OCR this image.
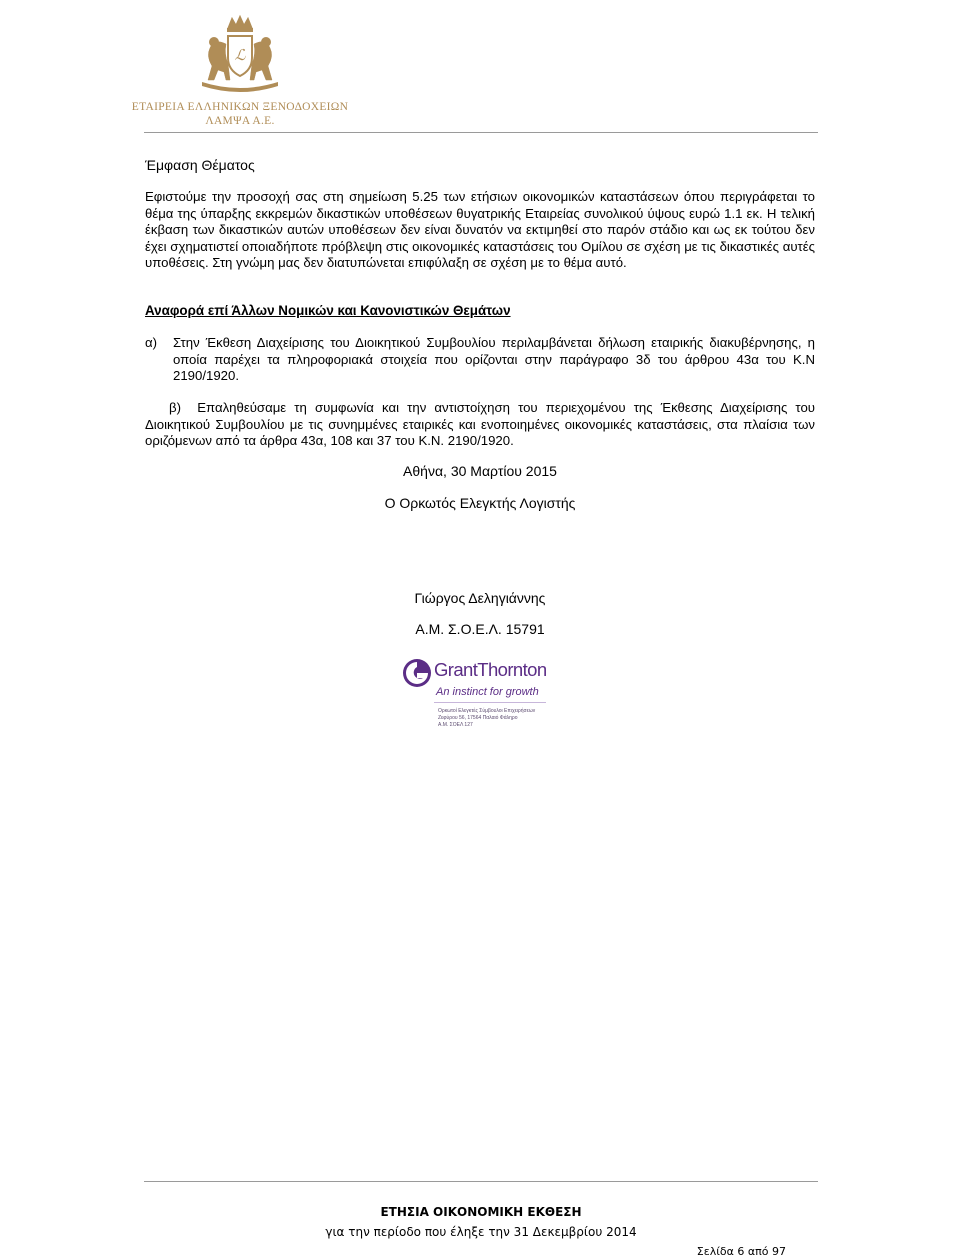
ℒ
ΕΤΑΙΡΕΙΑ ΕΛΛΗΝΙΚΩΝ ΞΕΝΟΔΟΧΕΙΩΝ
ΛΑΜΨΑ Α.Ε.
Έμφαση Θέματος
Εφιστούμε την προσοχή σας στη σημείωση 5.25 των ετήσιων οικονομικών καταστάσεων όπου περιγράφεται το θέμα της ύπαρξης εκκρεμών δικαστικών υποθέσεων θυγατρικής Εταιρείας συνολικού ύψους ευρώ 1.1 εκ. Η τελική έκβαση των δικαστικών αυτών υποθέσεων δεν είναι δυνατόν να εκτιμηθεί στο παρόν στάδιο και ως εκ τούτου δεν έχει σχηματιστεί οποιαδήποτε πρόβλεψη στις οικονομικές καταστάσεις του Ομίλου σε σχέση με τις δικαστικές αυτές υποθέσεις. Στη γνώμη μας δεν διατυπώνεται επιφύλαξη σε σχέση με το θέμα αυτό.
Αναφορά επί Άλλων Νομικών και Κανονιστικών Θεμάτων
α) Στην Έκθεση Διαχείρισης του Διοικητικού Συμβουλίου περιλαμβάνεται δήλωση εταιρικής διακυβέρνησης, η οποία παρέχει τα πληροφοριακά στοιχεία που ορίζονται στην παράγραφο 3δ του άρθρου 43α του Κ.Ν 2190/1920.
β) Επαληθεύσαμε τη συμφωνία και την αντιστοίχηση του περιεχομένου της Έκθεσης Διαχείρισης του Διοικητικού Συμβουλίου με τις συνημμένες εταιρικές και ενοποιημένες οικονομικές καταστάσεις, στα πλαίσια των οριζόμενων από τα άρθρα 43α, 108 και 37 του Κ.Ν. 2190/1920.
Αθήνα, 30 Μαρτίου 2015
Ο Ορκωτός Ελεγκτής Λογιστής
Γιώργος Δεληγιάννης
Α.Μ. Σ.Ο.Ε.Λ. 15791
GrantThornton
An instinct for growth
Ορκωτοί Ελεγκτές Σύμβουλοι Επιχειρήσεων
Ζεφύρου 56, 17564 Παλαιό Φάληρο
Α.Μ. ΣΟΕΛ 127
ΕΤΗΣΙΑ ΟΙΚΟΝΟΜΙΚΗ ΕΚΘΕΣΗ
για την περίοδο που έληξε την 31 Δεκεμβρίου 2014
Σελίδα 6 από 97
